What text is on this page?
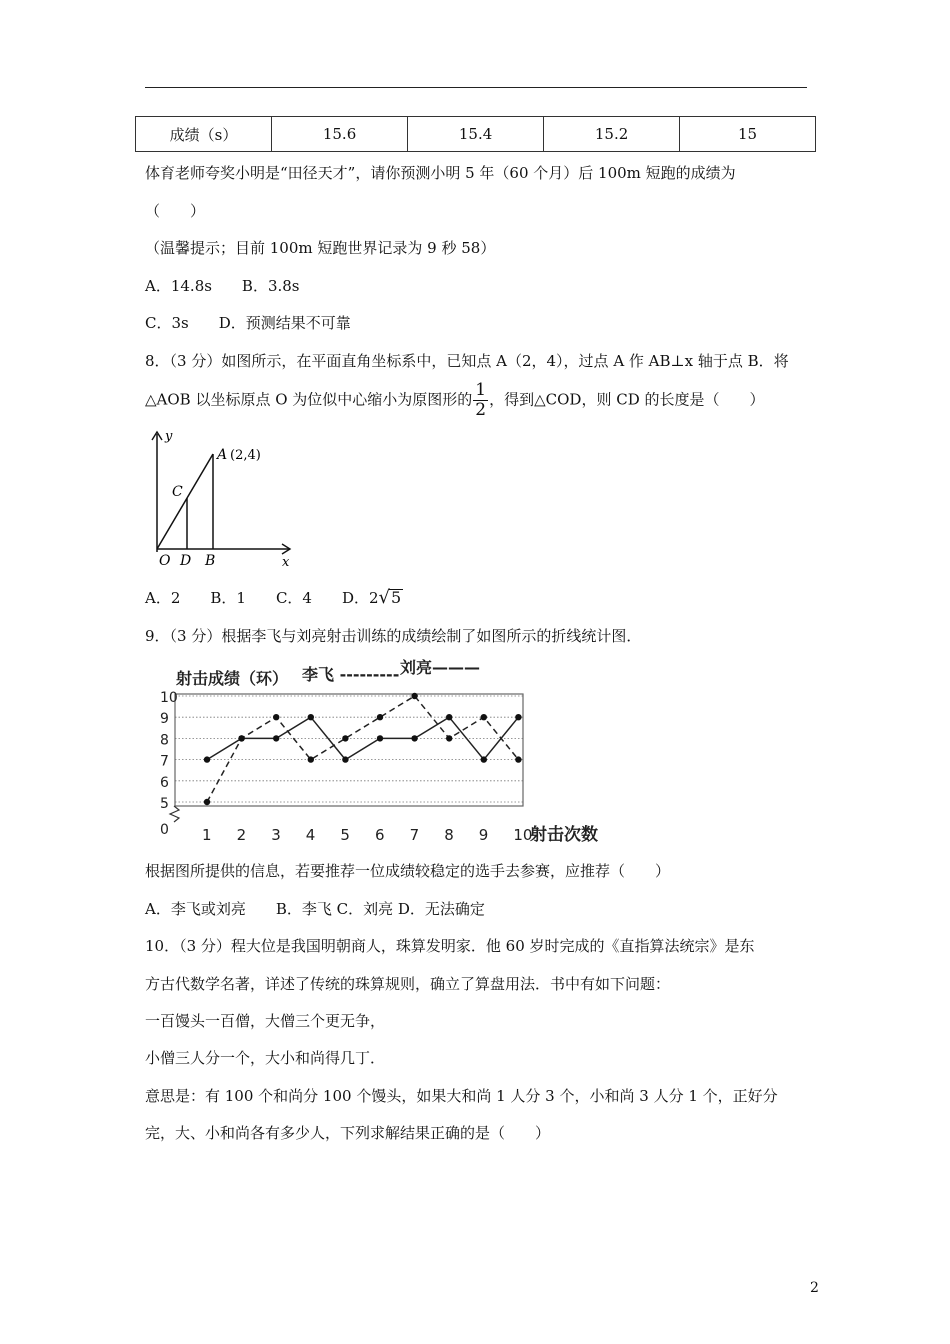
成绩（s）	15.6	15.4	15.2	15
体育老师夸奖小明是“田径天才”，请你预测小明 5 年（60 个月）后 100m 短跑的成绩为
（　　）
（温馨提示；目前 100m 短跑世界记录为 9 秒 58）
A．14.8s　　B．3.8s
C．3s　　D．预测结果不可靠
8．（3 分）如图所示，在平面直角坐标系中，已知点 A（2，4），过点 A 作 AB⊥x 轴于点 B．将
△AOB 以坐标原点 O 为位似中心缩小为原图形的 $\frac{1}{2}$ ，得到△COD，则 CD 的长度是（　　）
y
x
A (2,4)
C
O D B
A．2　　B．1　　C．4　　D．2√5
9．（3 分）根据李飞与刘亮射击训练的成绩绘制了如图所示的折线统计图．
射击成绩（环） 李飞 --------- 刘亮———
射击次数
0
5
6
7
8
9
10
1 2 3 4 5 6 7 8 9 10
根据图所提供的信息，若要推荐一位成绩较稳定的选手去参赛，应推荐（　　）
A．李飞或刘亮　　B．李飞 C．刘亮 D．无法确定
10．（3 分）程大位是我国明朝商人，珠算发明家．他 60 岁时完成的《直指算法统宗》是东
方古代数学名著，详述了传统的珠算规则，确立了算盘用法．书中有如下问题：
一百馒头一百僧，大僧三个更无争，
小僧三人分一个，大小和尚得几丁．
意思是：有 100 个和尚分 100 个馒头，如果大和尚 1 人分 3 个，小和尚 3 人分 1 个，正好分
完，大、小和尚各有多少人，下列求解结果正确的是（　　）
2
